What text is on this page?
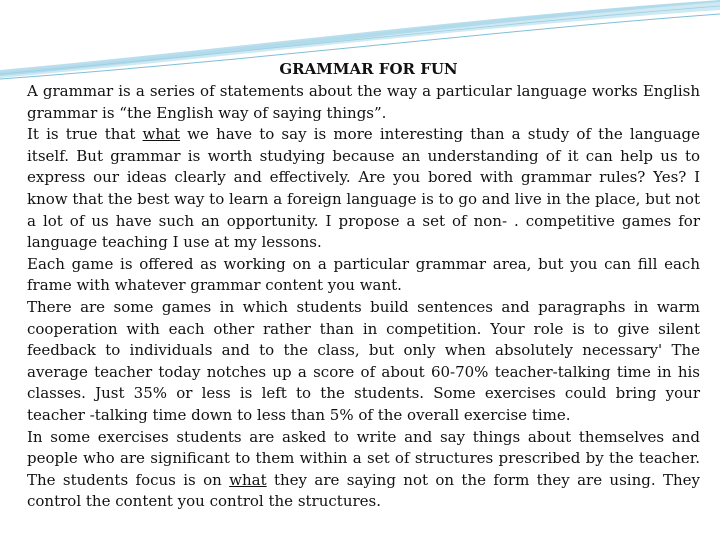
GRAMMAR FOR FUN

A grammar is a series of statements about the way a particular language works English grammar is “the English way of saying things”.

It is true that what we have to say is more interesting than a study of the language itself. But grammar is worth studying because an understanding of it can help us to express our ideas clearly and effectively. Are you bored with grammar rules? Yes? I know that the best way to learn a foreign language is to go and live in the place, but not a lot of us have such an opportunity. I propose a set of non- . competitive games for language teaching I use at my lessons.

Each game is offered as working on a particular grammar area, but you can fill each frame with whatever grammar content you want.

There are some games in which students build sentences and paragraphs in warm cooperation with each other rather than in competition. Your role is to give silent feedback to individuals and to the class, but only when absolutely necessary' The average teacher today notches up a score of about 60-70% teacher-talking time in his classes. Just 35% or less is left to the students. Some exercises could bring your teacher -talking time down to less than 5% of the overall exercise time.

In some exercises students are asked to write and say things about themselves and people who are significant to them within a set of structures prescribed by the teacher. The students focus is on what they are saying not on the form they are using. They control the content you control the structures.
